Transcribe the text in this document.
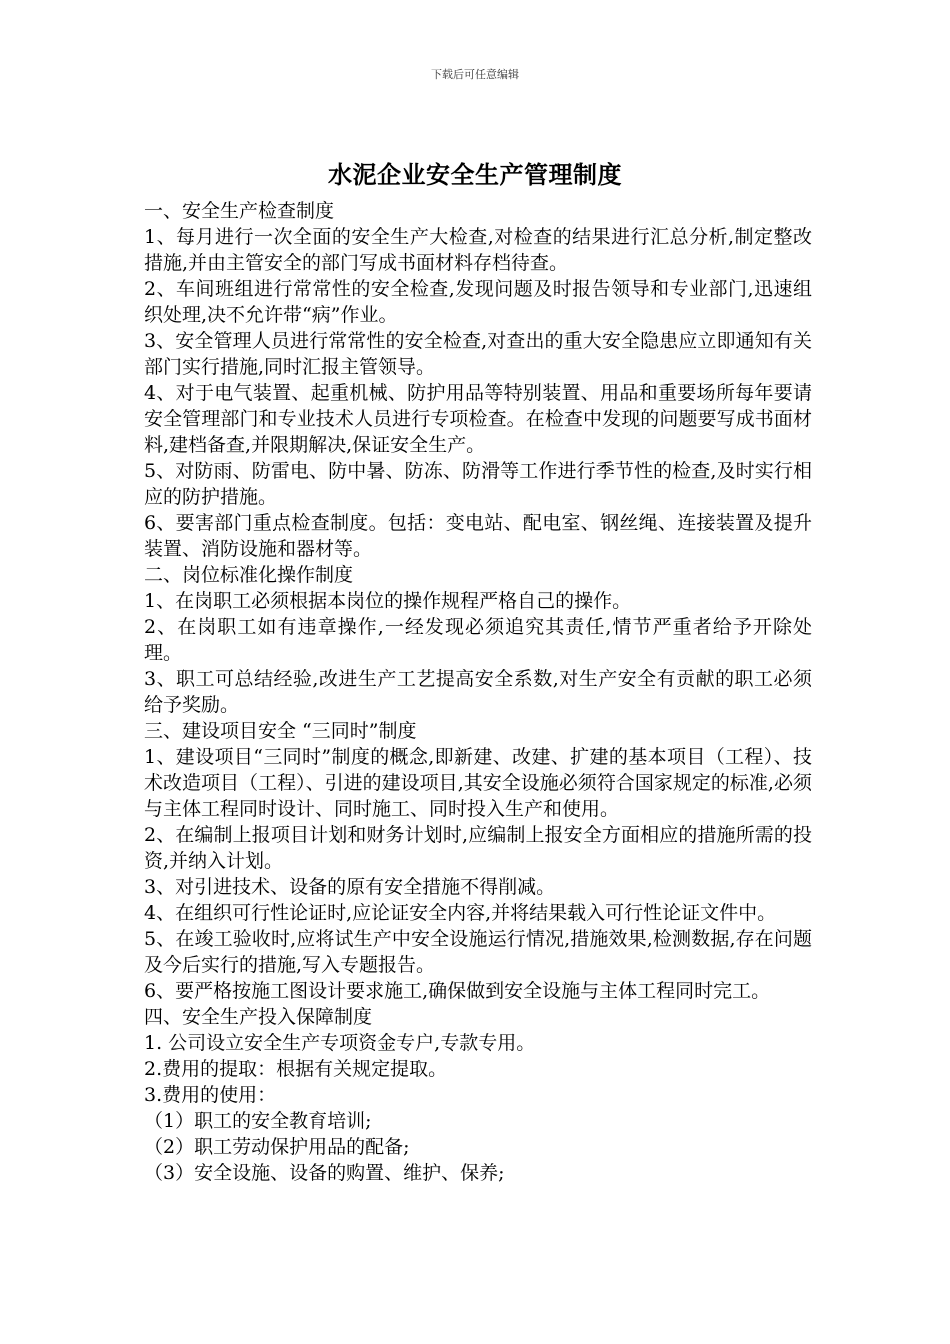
下载后可任意编辑
水泥企业安全生产管理制度

一、安全生产检查制度

1、每月进行一次全面的安全生产大检查,对检查的结果进行汇总分析,制定整改措施,并由主管安全的部门写成书面材料存档待查。

2、车间班组进行常常性的安全检查,发现问题及时报告领导和专业部门,迅速组织处理,决不允许带“病”作业。

3、安全管理人员进行常常性的安全检查,对查出的重大安全隐患应立即通知有关部门实行措施,同时汇报主管领导。

4、对于电气装置、起重机械、防护用品等特别装置、用品和重要场所每年要请安全管理部门和专业技术人员进行专项检查。在检查中发现的问题要写成书面材料,建档备查,并限期解决,保证安全生产。

5、对防雨、防雷电、防中暑、防冻、防滑等工作进行季节性的检查,及时实行相应的防护措施。

6、要害部门重点检查制度。包括：变电站、配电室、钢丝绳、连接装置及提升装置、消防设施和器材等。

二、岗位标准化操作制度

1、在岗职工必须根据本岗位的操作规程严格自己的操作。

2、在岗职工如有违章操作,一经发现必须追究其责任,情节严重者给予开除处理。

3、职工可总结经验,改进生产工艺提高安全系数,对生产安全有贡献的职工必须给予奖励。

三、建设项目安全 “三同时”制度

1、建设项目“三同时”制度的概念,即新建、改建、扩建的基本项目（工程）、技术改造项目（工程）、引进的建设项目,其安全设施必须符合国家规定的标准,必须与主体工程同时设计、同时施工、同时投入生产和使用。

2、在编制上报项目计划和财务计划时,应编制上报安全方面相应的措施所需的投资,并纳入计划。

3、对引进技术、设备的原有安全措施不得削减。

4、在组织可行性论证时,应论证安全内容,并将结果载入可行性论证文件中。

5、在竣工验收时,应将试生产中安全设施运行情况,措施效果,检测数据,存在问题及今后实行的措施,写入专题报告。

6、要严格按施工图设计要求施工,确保做到安全设施与主体工程同时完工。

四、安全生产投入保障制度

1. 公司设立安全生产专项资金专户,专款专用。

2.费用的提取：根据有关规定提取。

3.费用的使用：

（1）职工的安全教育培训;

（2）职工劳动保护用品的配备;

（3）安全设施、设备的购置、维护、保养;
